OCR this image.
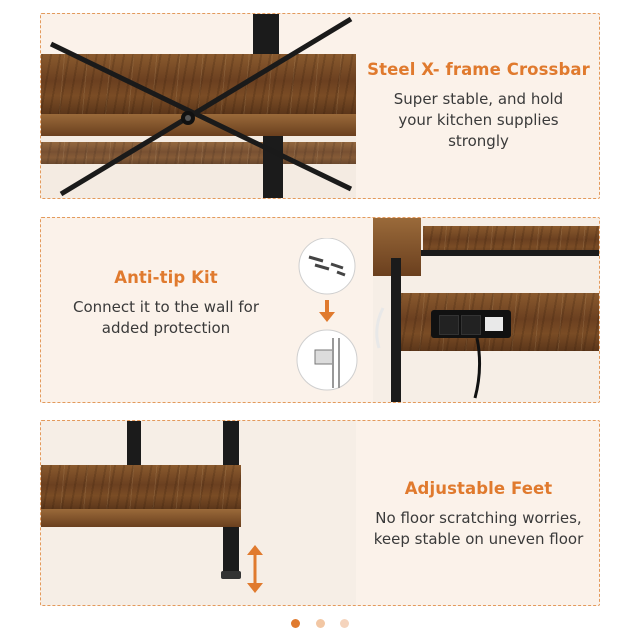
Steel X- frame Crossbar
Super stable, and hold
your kitchen supplies
strongly
Anti-tip Kit
Connect it to the wall for
added protection
Adjustable Feet
No floor scratching worries,
keep stable on uneven floor
